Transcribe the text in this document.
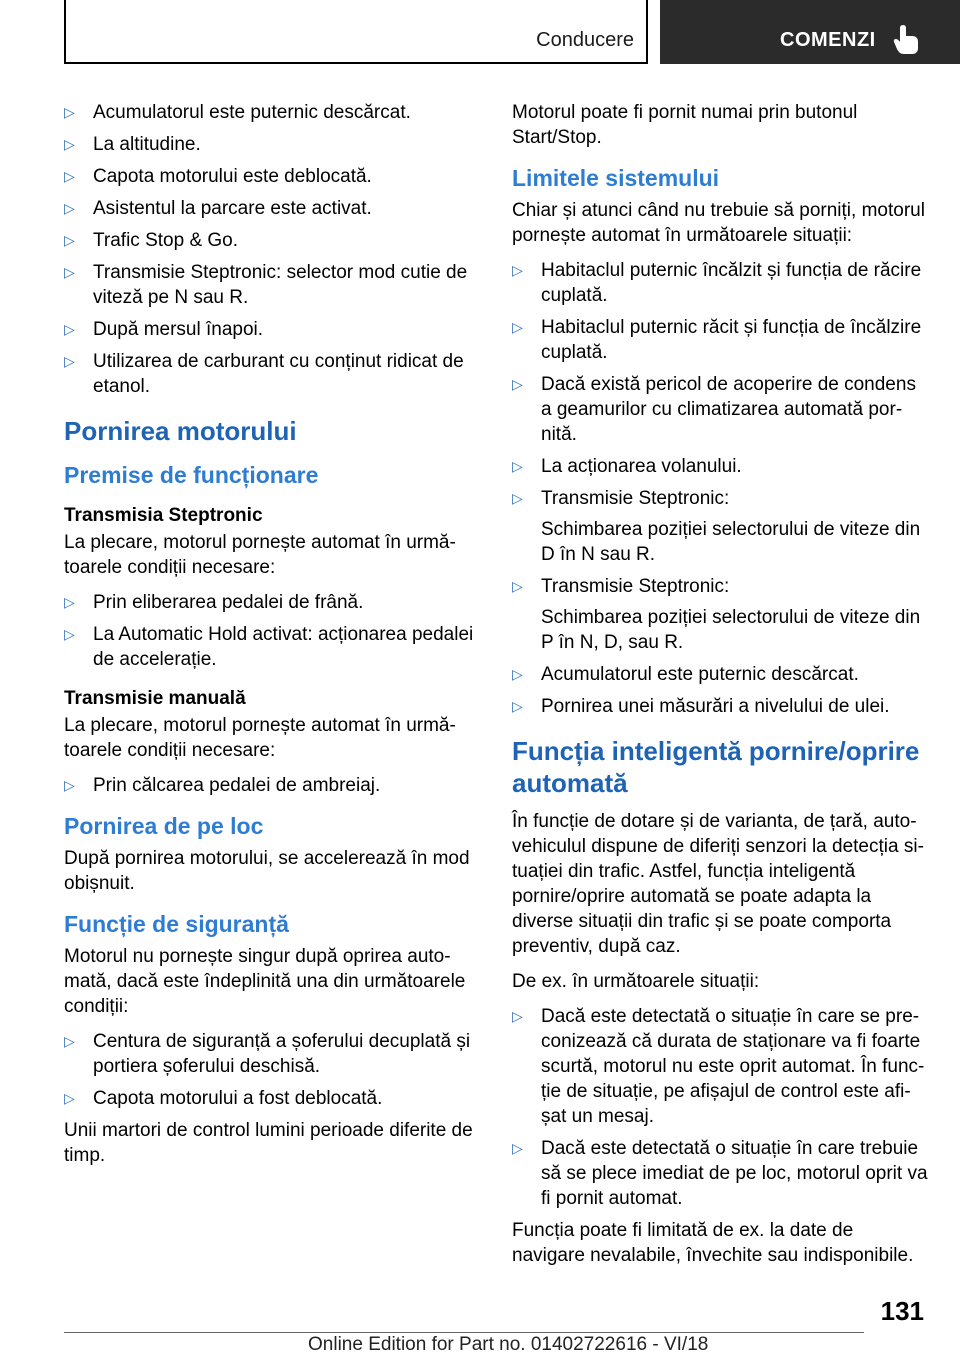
Conducere	COMENZI
▷ Acumulatorul este puternic descărcat.
▷ La altitudine.
▷ Capota motorului este deblocată.
▷ Asistentul la parcare este activat.
▷ Trafic Stop & Go.
▷ Transmisie Steptronic: selector mod cutie de viteză pe N sau R.
▷ După mersul înapoi.
▷ Utilizarea de carburant cu conținut ridicat de etanol.
Pornirea motorului
Premise de funcționare
Transmisia Steptronic

La plecare, motorul pornește automat în următoarele condiții necesare:

▷ Prin eliberarea pedalei de frână.
▷ La Automatic Hold activat: acționarea pedalei de accelerație.
Transmisie manuală

La plecare, motorul pornește automat în următoarele condiții necesare:

▷ Prin călcarea pedalei de ambreiaj.
Pornirea de pe loc

După pornirea motorului, se accelerează în mod obișnuit.

Funcție de siguranță

Motorul nu pornește singur după oprirea automată, dacă este îndeplinită una din următoarele condiții:

▷ Centura de siguranță a șoferului decuplată și portiera șoferului deschisă.
▷ Capota motorului a fost deblocată.

Unii martori de control lumini perioade diferite de timp.

Motorul poate fi pornit numai prin butonul Start/Stop.

Limitele sistemului

Chiar și atunci când nu trebuie să porniți, motorul pornește automat în următoarele situații:

▷ Habitaclul puternic încălzit și funcția de răcire cuplată.
▷ Habitaclul puternic răcit și funcția de încălzire cuplată.
▷ Dacă există pericol de acoperire de condens a geamurilor cu climatizarea automată pornită.
▷ La acționarea volanului.
▷ Transmisie Steptronic:

Schimbarea poziției selectorului de viteze din D în N sau R.

▷ Transmisie Steptronic:

Schimbarea poziției selectorului de viteze din P în N, D, sau R.

▷ Acumulatorul este puternic descărcat.
▷ Pornirea unei măsurări a nivelului de ulei.
Funcția inteligentă pornire/oprire automată

În funcție de dotare și de varianta, de țară, autovehiculul dispune de diferiți senzori la detecția situației din trafic. Astfel, funcția inteligentă pornire/oprire automată se poate adapta la diverse situații din trafic și se poate comporta preventiv, după caz.

De ex. în următoarele situații:

▷ Dacă este detectată o situație în care se preconizează că durata de staționare va fi foarte scurtă, motorul nu este oprit automat. În funcție de situație, pe afișajul de control este afișat un mesaj.
▷ Dacă este detectată o situație în care trebuie să se plece imediat de pe loc, motorul oprit va fi pornit automat.

Funcția poate fi limitată de ex. la date de navigare nevalabile, învechite sau indisponibile.

131
Online Edition for Part no. 01402722616 - VI/18
